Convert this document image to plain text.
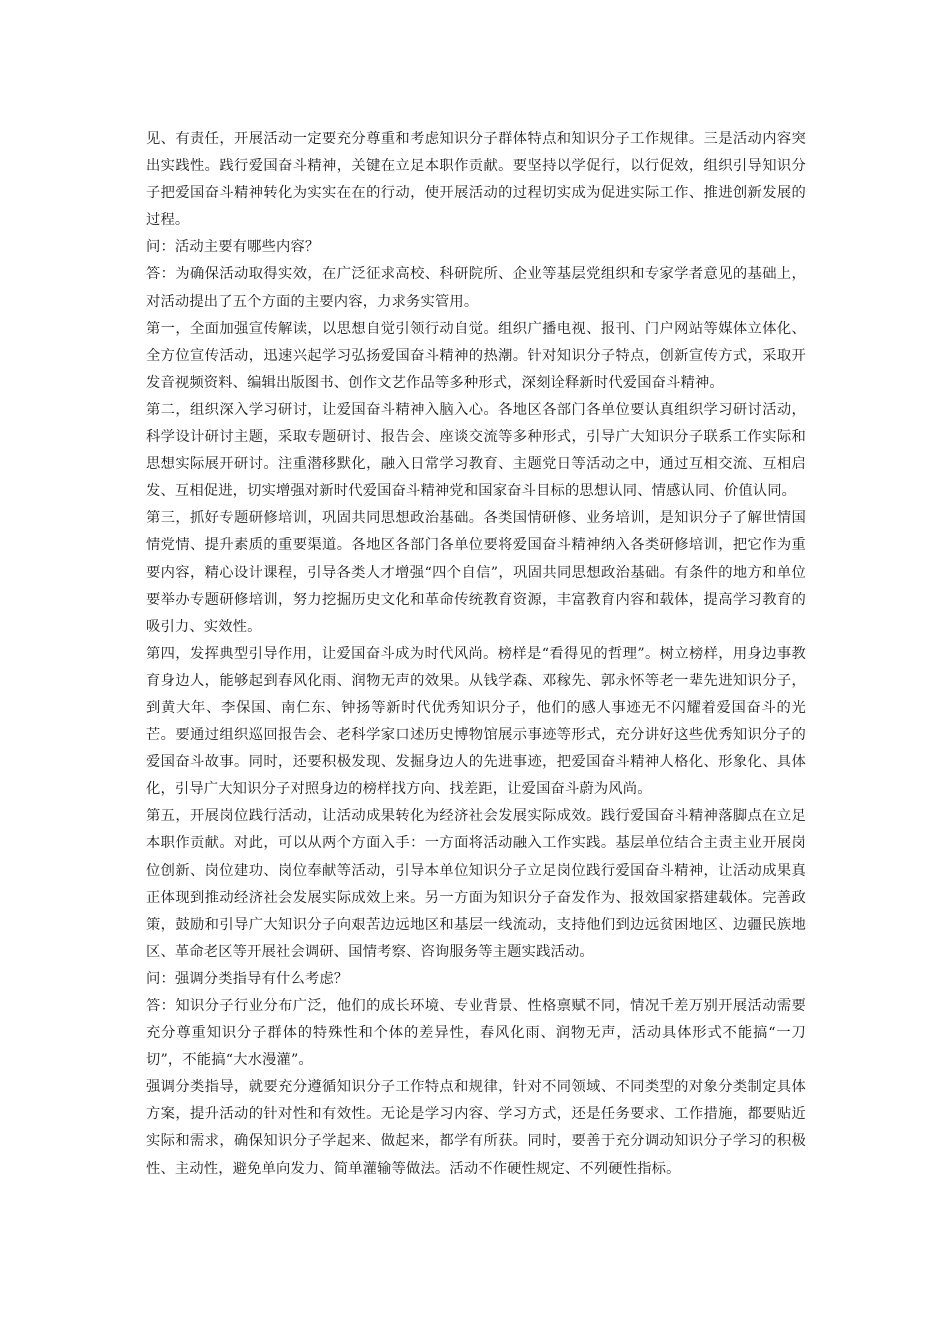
见、有责任，开展活动一定要充分尊重和考虑知识分子群体特点和知识分子工作规律。三是活动内容突出实践性。践行爱国奋斗精神，关键在立足本职作贡献。要坚持以学促行，以行促效，组织引导知识分子把爱国奋斗精神转化为实实在在的行动，使开展活动的过程切实成为促进实际工作、推进创新发展的过程。

问：活动主要有哪些内容？

答：为确保活动取得实效，在广泛征求高校、科研院所、企业等基层党组织和专家学者意见的基础上，对活动提出了五个方面的主要内容，力求务实管用。

第一，全面加强宣传解读，以思想自觉引领行动自觉。组织广播电视、报刊、门户网站等媒体立体化、全方位宣传活动，迅速兴起学习弘扬爱国奋斗精神的热潮。针对知识分子特点，创新宣传方式，采取开发音视频资料、编辑出版图书、创作文艺作品等多种形式，深刻诠释新时代爱国奋斗精神。

第二，组织深入学习研讨，让爱国奋斗精神入脑入心。各地区各部门各单位要认真组织学习研讨活动，科学设计研讨主题，采取专题研讨、报告会、座谈交流等多种形式，引导广大知识分子联系工作实际和思想实际展开研讨。注重潜移默化，融入日常学习教育、主题党日等活动之中，通过互相交流、互相启发、互相促进，切实增强对新时代爱国奋斗精神党和国家奋斗目标的思想认同、情感认同、价值认同。

第三，抓好专题研修培训，巩固共同思想政治基础。各类国情研修、业务培训，是知识分子了解世情国情党情、提升素质的重要渠道。各地区各部门各单位要将爱国奋斗精神纳入各类研修培训，把它作为重要内容，精心设计课程，引导各类人才增强“四个自信”，巩固共同思想政治基础。有条件的地方和单位要举办专题研修培训，努力挖掘历史文化和革命传统教育资源，丰富教育内容和载体，提高学习教育的吸引力、实效性。

第四，发挥典型引导作用，让爱国奋斗成为时代风尚。榜样是“看得见的哲理”。树立榜样，用身边事教育身边人，能够起到春风化雨、润物无声的效果。从钱学森、邓稼先、郭永怀等老一辈先进知识分子，到黄大年、李保国、南仁东、钟扬等新时代优秀知识分子，他们的感人事迹无不闪耀着爱国奋斗的光芒。要通过组织巡回报告会、老科学家口述历史博物馆展示事迹等形式，充分讲好这些优秀知识分子的爱国奋斗故事。同时，还要积极发现、发掘身边人的先进事迹，把爱国奋斗精神人格化、形象化、具体化，引导广大知识分子对照身边的榜样找方向、找差距，让爱国奋斗蔚为风尚。

第五，开展岗位践行活动，让活动成果转化为经济社会发展实际成效。践行爱国奋斗精神落脚点在立足本职作贡献。对此，可以从两个方面入手：一方面将活动融入工作实践。基层单位结合主责主业开展岗位创新、岗位建功、岗位奉献等活动，引导本单位知识分子立足岗位践行爱国奋斗精神，让活动成果真正体现到推动经济社会发展实际成效上来。另一方面为知识分子奋发作为、报效国家搭建载体。完善政策，鼓励和引导广大知识分子向艰苦边远地区和基层一线流动，支持他们到边远贫困地区、边疆民族地区、革命老区等开展社会调研、国情考察、咨询服务等主题实践活动。

问：强调分类指导有什么考虑？

答：知识分子行业分布广泛，他们的成长环境、专业背景、性格禀赋不同，情况千差万别开展活动需要充分尊重知识分子群体的特殊性和个体的差异性，春风化雨、润物无声，活动具体形式不能搞“一刀切”，不能搞“大水漫灌”。

强调分类指导，就要充分遵循知识分子工作特点和规律，针对不同领域、不同类型的对象分类制定具体方案，提升活动的针对性和有效性。无论是学习内容、学习方式，还是任务要求、工作措施，都要贴近实际和需求，确保知识分子学起来、做起来，都学有所获。同时，要善于充分调动知识分子学习的积极性、主动性，避免单向发力、简单灌输等做法。活动不作硬性规定、不列硬性指标。
